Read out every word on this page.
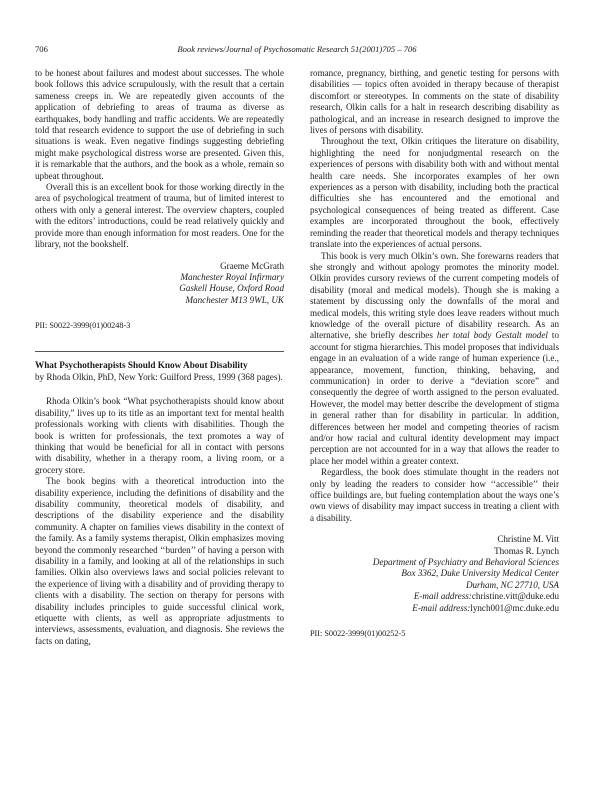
706	Book reviews/Journal of Psychosomatic Research 51(2001)705 – 706

to be honest about failures and modest about successes. The whole book follows this advice scrupulously, with the result that a certain sameness creeps in. We are repeatedly given accounts of the application of debriefing to areas of trauma as diverse as earthquakes, body handling and traffic accidents. We are repeatedly told that research evidence to support the use of debriefing in such situations is weak. Even negative findings suggesting debriefing might make psychological distress worse are presented. Given this, it is remarkable that the authors, and the book as a whole, remain so upbeat throughout.

Overall this is an excellent book for those working directly in the area of psychological treatment of trauma, but of limited interest to others with only a general interest. The overview chapters, coupled with the editors’ introductions, could be read relatively quickly and provide more than enough information for most readers. One for the library, not the bookshelf.

Graeme McGrath
Manchester Royal Infirmary
Gaskell House, Oxford Road
Manchester M13 9WL, UK
PII: S0022-3999(01)00248-3
What Psychotherapists Should Know About Disability
by Rhoda Olkin, PhD, New York: Guilford Press, 1999 (368 pages).

Rhoda Olkin’s book “What psychotherapists should know about disability,” lives up to its title as an important text for mental health professionals working with clients with disabilities. Though the book is written for professionals, the text promotes a way of thinking that would be beneficial for all in contact with persons with disability, whether in a therapy room, a living room, or a grocery store.

The book begins with a theoretical introduction into the disability experience, including the definitions of disability and the disability community, theoretical models of disability, and descriptions of the disability experience and the disability community. A chapter on families views disability in the context of the family. As a family systems therapist, Olkin emphasizes moving beyond the commonly researched ‘‘burden’’ of having a person with disability in a family, and looking at all of the relationships in such families. Olkin also overviews laws and social policies relevant to the experience of living with a disability and of providing therapy to clients with a disability. The section on therapy for persons with disability includes principles to guide successful clinical work, etiquette with clients, as well as appropriate adjustments to interviews, assessments, evaluation, and diagnosis. She reviews the facts on dating,

romance, pregnancy, birthing, and genetic testing for persons with disabilities — topics often avoided in therapy because of therapist discomfort or stereotypes. In comments on the state of disability research, Olkin calls for a halt in research describing disability as pathological, and an increase in research designed to improve the lives of persons with disability.

Throughout the text, Olkin critiques the literature on disability, highlighting the need for nonjudgmental research on the experiences of persons with disability both with and without mental health care needs. She incorporates examples of her own experiences as a person with disability, including both the practical difficulties she has encountered and the emotional and psychological consequences of being treated as different. Case examples are incorporated throughout the book, effectively reminding the reader that theoretical models and therapy techniques translate into the experiences of actual persons.

This book is very much Olkin’s own. She forewarns readers that she strongly and without apology promotes the minority model. Olkin provides cursory reviews of the current competing models of disability (moral and medical models). Though she is making a statement by discussing only the downfalls of the moral and medical models, this writing style does leave readers without much knowledge of the overall picture of disability research. As an alternative, she briefly describes her total body Gestalt model to account for stigma hierarchies. This model proposes that individuals engage in an evaluation of a wide range of human experience (i.e., appearance, movement, function, thinking, behaving, and communication) in order to derive a “deviation score” and consequently the degree of worth assigned to the person evaluated. However, the model may better describe the development of stigma in general rather than for disability in particular. In addition, differences between her model and competing theories of racism and/or how racial and cultural identity development may impact perception are not accounted for in a way that allows the reader to place her model within a greater context.

Regardless, the book does stimulate thought in the readers not only by leading the readers to consider how ‘‘accessible’’ their office buildings are, but fueling contemplation about the ways one’s own views of disability may impact success in treating a client with a disability.

Christine M. Vitt
Thomas R. Lynch
Department of Psychiatry and Behavioral Sciences
Box 3362, Duke University Medical Center
Durham, NC 27710, USA
E-mail address:christine.vitt@duke.edu
E-mail address:lynch001@mc.duke.edu
PII: S0022-3999(01)00252-5
